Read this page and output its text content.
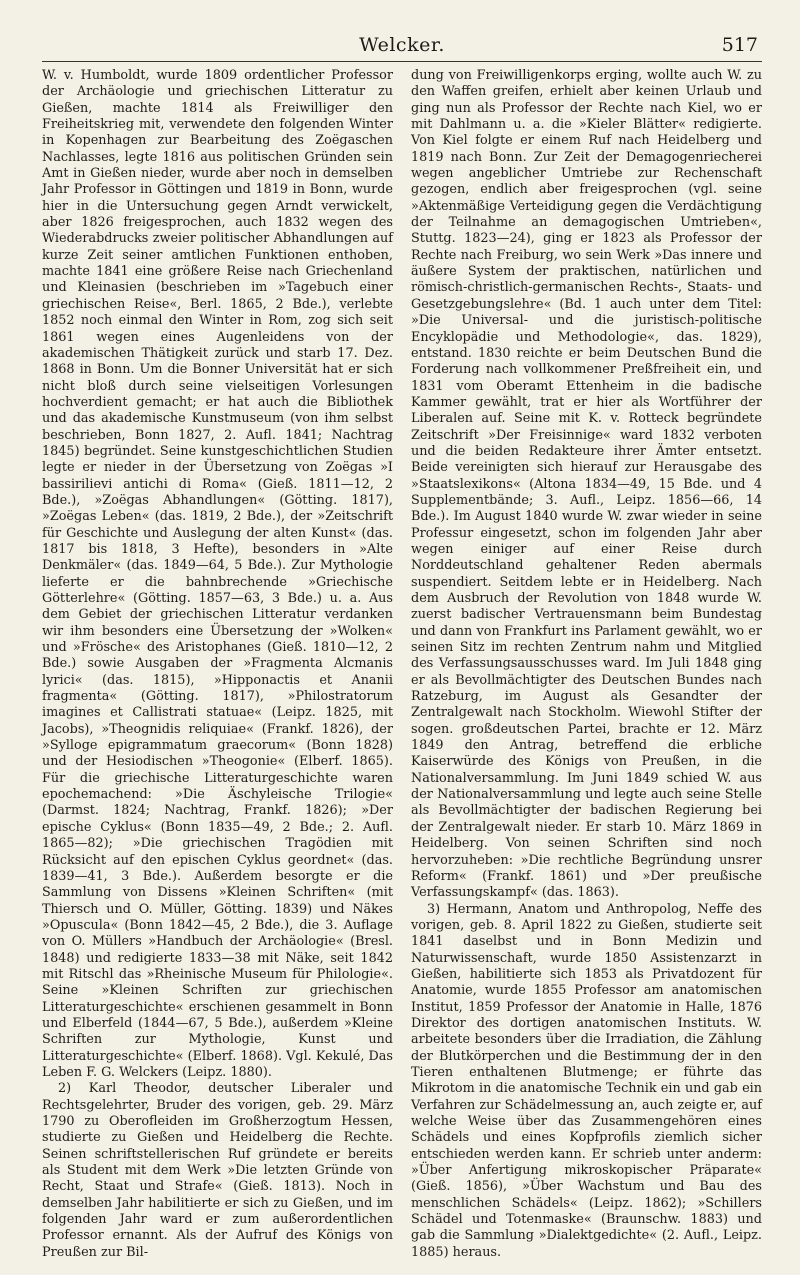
Welcker.	517

W. v. Humboldt, wurde 1809 ordentlicher Professor der Archäologie und griechischen Litteratur zu Gießen, machte 1814 als Freiwilliger den Freiheitskrieg mit, verwendete den folgenden Winter in Kopenhagen zur Bearbeitung des Zoëgaschen Nachlasses, legte 1816 aus politischen Gründen sein Amt in Gießen nieder, wurde aber noch in demselben Jahr Professor in Göttingen und 1819 in Bonn, wurde hier in die Untersuchung gegen Arndt verwickelt, aber 1826 freigesprochen, auch 1832 wegen des Wiederabdrucks zweier politischer Abhandlungen auf kurze Zeit seiner amtlichen Funktionen enthoben, machte 1841 eine größere Reise nach Griechenland und Kleinasien (beschrieben im »Tagebuch einer griechischen Reise«, Berl. 1865, 2 Bde.), verlebte 1852 noch einmal den Winter in Rom, zog sich seit 1861 wegen eines Augenleidens von der akademischen Thätigkeit zurück und starb 17. Dez. 1868 in Bonn. Um die Bonner Universität hat er sich nicht bloß durch seine vielseitigen Vorlesungen hochverdient gemacht; er hat auch die Bibliothek und das akademische Kunstmuseum (von ihm selbst beschrieben, Bonn 1827, 2. Aufl. 1841; Nachtrag 1845) begründet. Seine kunstgeschichtlichen Studien legte er nieder in der Übersetzung von Zoëgas »I bassirilievi antichi di Roma« (Gieß. 1811—12, 2 Bde.), »Zoëgas Abhandlungen« (Götting. 1817), »Zoëgas Leben« (das. 1819, 2 Bde.), der »Zeitschrift für Geschichte und Auslegung der alten Kunst« (das. 1817 bis 1818, 3 Hefte), besonders in »Alte Denkmäler« (das. 1849—64, 5 Bde.). Zur Mythologie lieferte er die bahnbrechende »Griechische Götterlehre« (Götting. 1857—63, 3 Bde.) u. a. Aus dem Gebiet der griechischen Litteratur verdanken wir ihm besonders eine Übersetzung der »Wolken« und »Frösche« des Aristophanes (Gieß. 1810—12, 2 Bde.) sowie Ausgaben der »Fragmenta Alcmanis lyrici« (das. 1815), »Hipponactis et Ananii fragmenta« (Götting. 1817), »Philostratorum imagines et Callistrati statuae« (Leipz. 1825, mit Jacobs), »Theognidis reliquiae« (Frankf. 1826), der »Sylloge epigrammatum graecorum« (Bonn 1828) und der Hesiodischen »Theogonie« (Elberf. 1865). Für die griechische Litteraturgeschichte waren epochemachend: »Die Äschyleische Trilogie« (Darmst. 1824; Nachtrag, Frankf. 1826); »Der epische Cyklus« (Bonn 1835—49, 2 Bde.; 2. Aufl. 1865—82); »Die griechischen Tragödien mit Rücksicht auf den epischen Cyklus geordnet« (das. 1839—41, 3 Bde.). Außerdem besorgte er die Sammlung von Dissens »Kleinen Schriften« (mit Thiersch und O. Müller, Götting. 1839) und Näkes »Opuscula« (Bonn 1842—45, 2 Bde.), die 3. Auflage von O. Müllers »Handbuch der Archäologie« (Bresl. 1848) und redigierte 1833—38 mit Näke, seit 1842 mit Ritschl das »Rheinische Museum für Philologie«. Seine »Kleinen Schriften zur griechischen Litteraturgeschichte« erschienen gesammelt in Bonn und Elberfeld (1844—67, 5 Bde.), außerdem »Kleine Schriften zur Mythologie, Kunst und Litteraturgeschichte« (Elberf. 1868). Vgl. Kekulé, Das Leben F. G. Welckers (Leipz. 1880).

2) Karl Theodor, deutscher Liberaler und Rechtsgelehrter, Bruder des vorigen, geb. 29. März 1790 zu Oberofleiden im Großherzogtum Hessen, studierte zu Gießen und Heidelberg die Rechte. Seinen schriftstellerischen Ruf gründete er bereits als Student mit dem Werk »Die letzten Gründe von Recht, Staat und Strafe« (Gieß. 1813). Noch in demselben Jahr habilitierte er sich zu Gießen, und im folgenden Jahr ward er zum außerordentlichen Professor ernannt. Als der Aufruf des Königs von Preußen zur Bil-

dung von Freiwilligenkorps erging, wollte auch W. zu den Waffen greifen, erhielt aber keinen Urlaub und ging nun als Professor der Rechte nach Kiel, wo er mit Dahlmann u. a. die »Kieler Blätter« redigierte. Von Kiel folgte er einem Ruf nach Heidelberg und 1819 nach Bonn. Zur Zeit der Demagogenriecherei wegen angeblicher Umtriebe zur Rechenschaft gezogen, endlich aber freigesprochen (vgl. seine »Aktenmäßige Verteidigung gegen die Verdächtigung der Teilnahme an demagogischen Umtrieben«, Stuttg. 1823—24), ging er 1823 als Professor der Rechte nach Freiburg, wo sein Werk »Das innere und äußere System der praktischen, natürlichen und römisch-christlich-germanischen Rechts-, Staats- und Gesetzgebungslehre« (Bd. 1 auch unter dem Titel: »Die Universal- und die juristisch-politische Encyklopädie und Methodologie«, das. 1829), entstand. 1830 reichte er beim Deutschen Bund die Forderung nach vollkommener Preßfreiheit ein, und 1831 vom Oberamt Ettenheim in die badische Kammer gewählt, trat er hier als Wortführer der Liberalen auf. Seine mit K. v. Rotteck begründete Zeitschrift »Der Freisinnige« ward 1832 verboten und die beiden Redakteure ihrer Ämter entsetzt. Beide vereinigten sich hierauf zur Herausgabe des »Staatslexikons« (Altona 1834—49, 15 Bde. und 4 Supplementbände; 3. Aufl., Leipz. 1856—66, 14 Bde.). Im August 1840 wurde W. zwar wieder in seine Professur eingesetzt, schon im folgenden Jahr aber wegen einiger auf einer Reise durch Norddeutschland gehaltener Reden abermals suspendiert. Seitdem lebte er in Heidelberg. Nach dem Ausbruch der Revolution von 1848 wurde W. zuerst badischer Vertrauensmann beim Bundestag und dann von Frankfurt ins Parlament gewählt, wo er seinen Sitz im rechten Zentrum nahm und Mitglied des Verfassungsausschusses ward. Im Juli 1848 ging er als Bevollmächtigter des Deutschen Bundes nach Ratzeburg, im August als Gesandter der Zentralgewalt nach Stockholm. Wiewohl Stifter der sogen. großdeutschen Partei, brachte er 12. März 1849 den Antrag, betreffend die erbliche Kaiserwürde des Königs von Preußen, in die Nationalversammlung. Im Juni 1849 schied W. aus der Nationalversammlung und legte auch seine Stelle als Bevollmächtigter der badischen Regierung bei der Zentralgewalt nieder. Er starb 10. März 1869 in Heidelberg. Von seinen Schriften sind noch hervorzuheben: »Die rechtliche Begründung unsrer Reform« (Frankf. 1861) und »Der preußische Verfassungskampf« (das. 1863).

3) Hermann, Anatom und Anthropolog, Neffe des vorigen, geb. 8. April 1822 zu Gießen, studierte seit 1841 daselbst und in Bonn Medizin und Naturwissenschaft, wurde 1850 Assistenzarzt in Gießen, habilitierte sich 1853 als Privatdozent für Anatomie, wurde 1855 Professor am anatomischen Institut, 1859 Professor der Anatomie in Halle, 1876 Direktor des dortigen anatomischen Instituts. W. arbeitete besonders über die Irradiation, die Zählung der Blutkörperchen und die Bestimmung der in den Tieren enthaltenen Blutmenge; er führte das Mikrotom in die anatomische Technik ein und gab ein Verfahren zur Schädelmessung an, auch zeigte er, auf welche Weise über das Zusammengehören eines Schädels und eines Kopfprofils ziemlich sicher entschieden werden kann. Er schrieb unter anderm: »Über Anfertigung mikroskopischer Präparate« (Gieß. 1856), »Über Wachstum und Bau des menschlichen Schädels« (Leipz. 1862); »Schillers Schädel und Totenmaske« (Braunschw. 1883) und gab die Sammlung »Dialektgedichte« (2. Aufl., Leipz. 1885) heraus.
